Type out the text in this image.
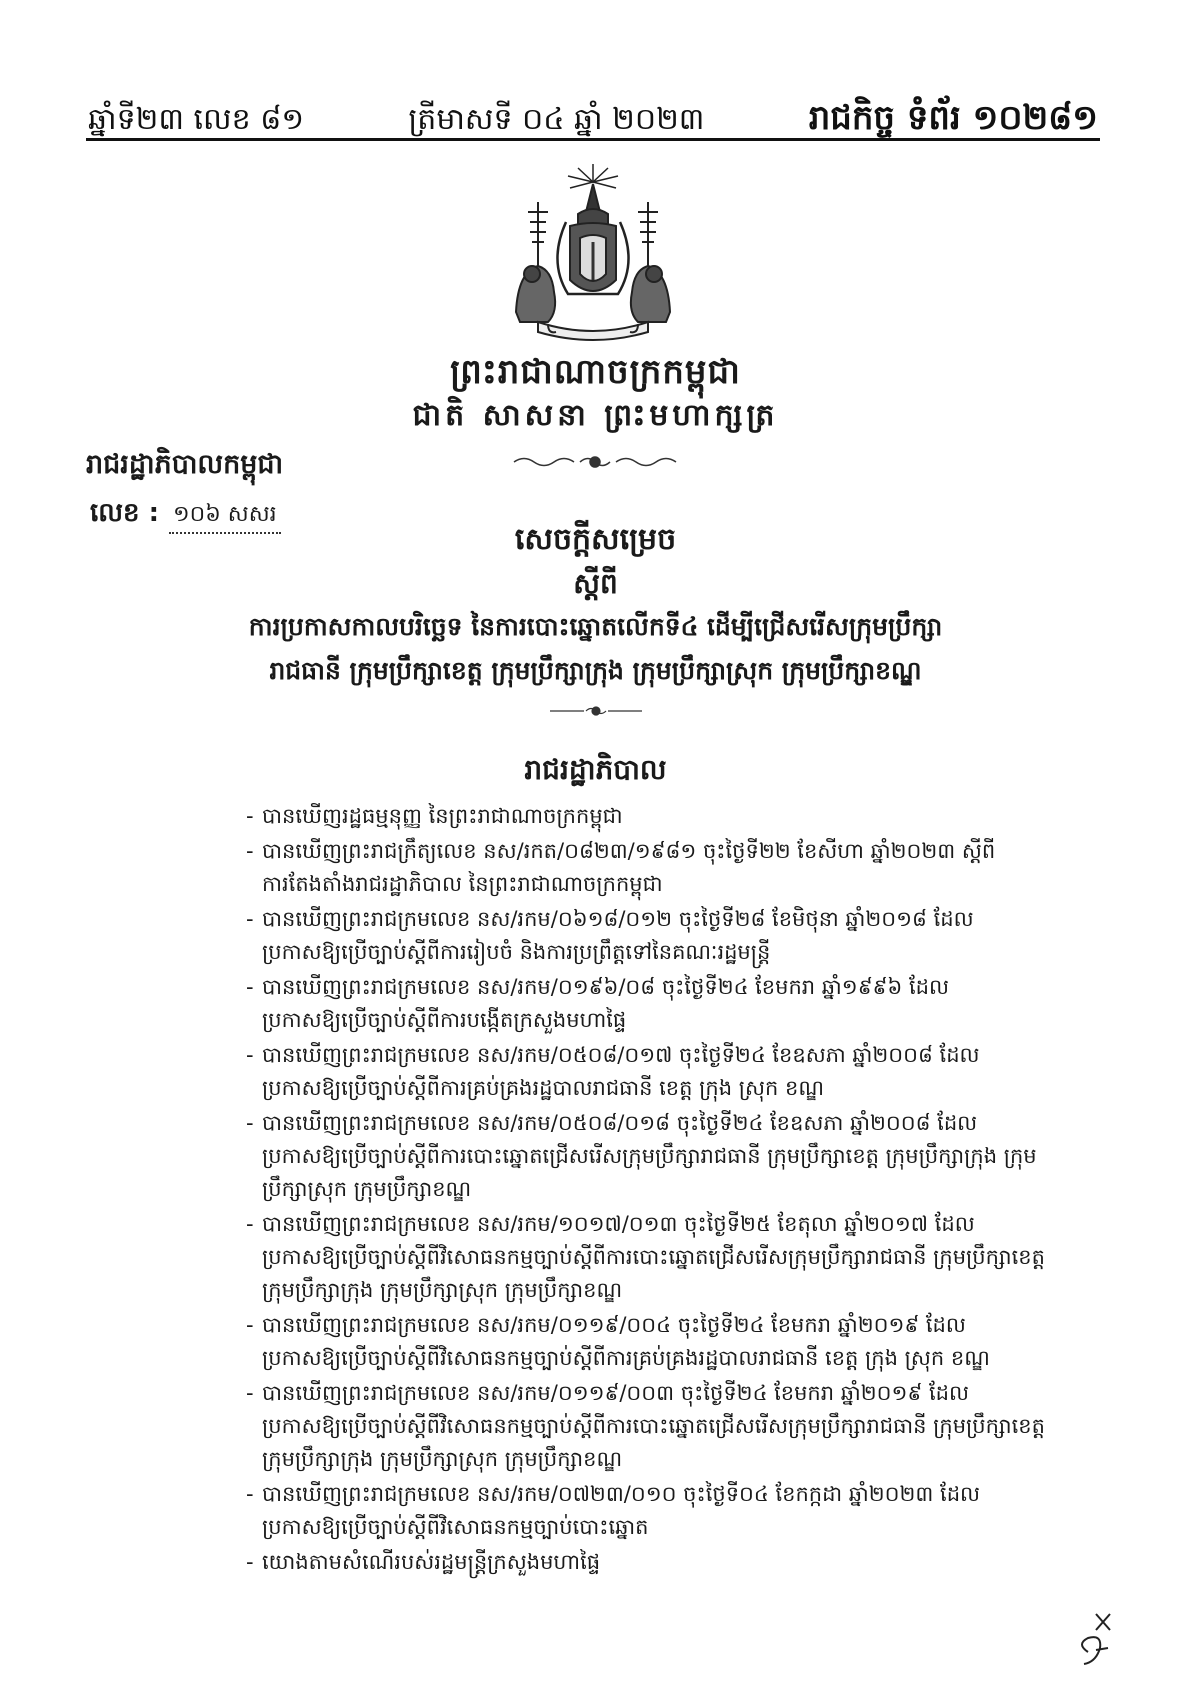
ឆ្នាំទី២៣ លេខ ៨១	ត្រីមាសទី ០៤ ឆ្នាំ ២០២៣	រាជកិច្ច ទំព័រ ១០២៨១
ព្រះរាជាណាចក្រកម្ពុជា
ជាតិ សាសនា ព្រះមហាក្សត្រ
រាជរដ្ឋាភិបាលកម្ពុជា
លេខ : ១០៦ សសរ
សេចក្តីសម្រេច
ស្តីពី
ការប្រកាសកាលបរិច្ឆេទ នៃការបោះឆ្នោតលើកទី៤ ដើម្បីជ្រើសរើសក្រុមប្រឹក្សា
រាជធានី ក្រុមប្រឹក្សាខេត្ត ក្រុមប្រឹក្សាក្រុង ក្រុមប្រឹក្សាស្រុក ក្រុមប្រឹក្សាខណ្ឌ
រាជរដ្ឋាភិបាល
- បានឃើញរដ្ឋធម្មនុញ្ញ នៃព្រះរាជាណាចក្រកម្ពុជា
- បានឃើញព្រះរាជក្រឹត្យលេខ នស/រកត/០៨២៣/១៩៨១ ចុះថ្ងៃទី២២ ខែសីហា ឆ្នាំ២០២៣ ស្តីពី
ការតែងតាំងរាជរដ្ឋាភិបាល នៃព្រះរាជាណាចក្រកម្ពុជា
- បានឃើញព្រះរាជក្រមលេខ នស/រកម/០៦១៨/០១២ ចុះថ្ងៃទី២៨ ខែមិថុនា ឆ្នាំ២០១៨ ដែល
ប្រកាសឱ្យប្រើច្បាប់ស្តីពីការរៀបចំ និងការប្រព្រឹត្តទៅនៃគណៈរដ្ឋមន្ត្រី
- បានឃើញព្រះរាជក្រមលេខ នស/រកម/០១៩៦/០៨ ចុះថ្ងៃទី២៤ ខែមករា ឆ្នាំ១៩៩៦ ដែល
ប្រកាសឱ្យប្រើច្បាប់ស្តីពីការបង្កើតក្រសួងមហាផ្ទៃ
- បានឃើញព្រះរាជក្រមលេខ នស/រកម/០៥០៨/០១៧ ចុះថ្ងៃទី២៤ ខែឧសភា ឆ្នាំ២០០៨ ដែល
ប្រកាសឱ្យប្រើច្បាប់ស្តីពីការគ្រប់គ្រងរដ្ឋបាលរាជធានី ខេត្ត ក្រុង ស្រុក ខណ្ឌ
- បានឃើញព្រះរាជក្រមលេខ នស/រកម/០៥០៨/០១៨ ចុះថ្ងៃទី២៤ ខែឧសភា ឆ្នាំ២០០៨ ដែល
ប្រកាសឱ្យប្រើច្បាប់ស្តីពីការបោះឆ្នោតជ្រើសរើសក្រុមប្រឹក្សារាជធានី ក្រុមប្រឹក្សាខេត្ត ក្រុមប្រឹក្សាក្រុង ក្រុមប្រឹក្សាស្រុក ក្រុមប្រឹក្សាខណ្ឌ
- បានឃើញព្រះរាជក្រមលេខ នស/រកម/១០១៧/០១៣ ចុះថ្ងៃទី២៥ ខែតុលា ឆ្នាំ២០១៧ ដែល
ប្រកាសឱ្យប្រើច្បាប់ស្តីពីវិសោធនកម្មច្បាប់ស្តីពីការបោះឆ្នោតជ្រើសរើសក្រុមប្រឹក្សារាជធានី ក្រុមប្រឹក្សាខេត្ត ក្រុមប្រឹក្សាក្រុង ក្រុមប្រឹក្សាស្រុក ក្រុមប្រឹក្សាខណ្ឌ
- បានឃើញព្រះរាជក្រមលេខ នស/រកម/០១១៩/០០៤ ចុះថ្ងៃទី២៤ ខែមករា ឆ្នាំ២០១៩ ដែល
ប្រកាសឱ្យប្រើច្បាប់ស្តីពីវិសោធនកម្មច្បាប់ស្តីពីការគ្រប់គ្រងរដ្ឋបាលរាជធានី ខេត្ត ក្រុង ស្រុក ខណ្ឌ
- បានឃើញព្រះរាជក្រមលេខ នស/រកម/០១១៩/០០៣ ចុះថ្ងៃទី២៤ ខែមករា ឆ្នាំ២០១៩ ដែល
ប្រកាសឱ្យប្រើច្បាប់ស្តីពីវិសោធនកម្មច្បាប់ស្តីពីការបោះឆ្នោតជ្រើសរើសក្រុមប្រឹក្សារាជធានី ក្រុមប្រឹក្សាខេត្ត ក្រុមប្រឹក្សាក្រុង ក្រុមប្រឹក្សាស្រុក ក្រុមប្រឹក្សាខណ្ឌ
- បានឃើញព្រះរាជក្រមលេខ នស/រកម/០៧២៣/០១០ ចុះថ្ងៃទី០៤ ខែកក្កដា ឆ្នាំ២០២៣ ដែល
ប្រកាសឱ្យប្រើច្បាប់ស្តីពីវិសោធនកម្មច្បាប់បោះឆ្នោត
- យោងតាមសំណើរបស់រដ្ឋមន្ត្រីក្រសួងមហាផ្ទៃ
